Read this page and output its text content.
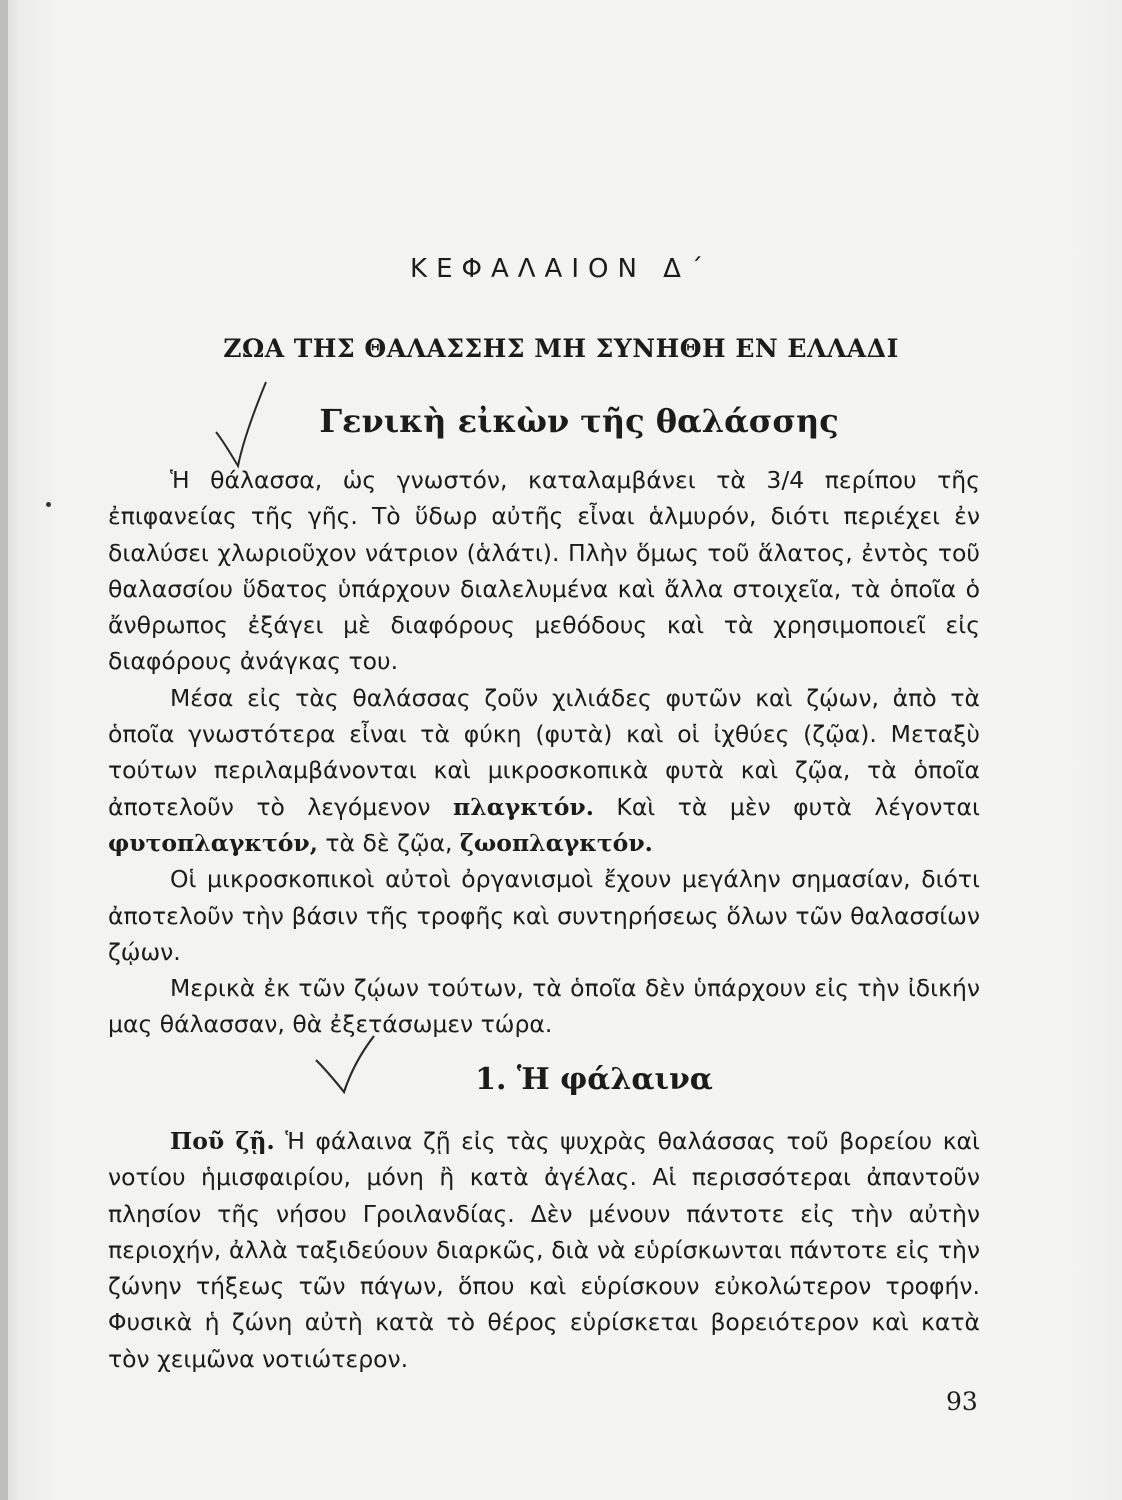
ΚΕΦΑΛΑΙΟΝ Δ΄
ΖΩΑ ΤΗΣ ΘΑΛΑΣΣΗΣ ΜΗ ΣΥΝΗΘΗ ΕΝ ΕΛΛΑΔΙ
Γενικὴ εἰκὼν τῆς θαλάσσης

Ἡ θάλασσα, ὡς γνωστόν, καταλαμβάνει τὰ 3/4 περίπου τῆς ἐπιφανείας τῆς γῆς. Τὸ ὕδωρ αὐτῆς εἶναι ἁλμυρόν, διότι περιέχει ἐν διαλύσει χλωριοῦχον νάτριον (ἁλάτι). Πλὴν ὅμως τοῦ ἅλατος, ἐντὸς τοῦ θαλασσίου ὕδατος ὑπάρχουν διαλελυμένα καὶ ἄλλα στοιχεῖα, τὰ ὁποῖα ὁ ἄνθρωπος ἐξάγει μὲ διαφόρους μεθόδους καὶ τὰ χρησιμοποιεῖ εἰς διαφόρους ἀνάγκας του.

Μέσα εἰς τὰς θαλάσσας ζοῦν χιλιάδες φυτῶν καὶ ζῴων, ἀπὸ τὰ ὁποῖα γνωστότερα εἶναι τὰ φύκη (φυτὰ) καὶ οἱ ἰχθύες (ζῷα). Μεταξὺ τούτων περιλαμβάνονται καὶ μικροσκοπικὰ φυτὰ καὶ ζῷα, τὰ ὁποῖα ἀποτελοῦν τὸ λεγόμενον πλαγκτόν. Καὶ τὰ μὲν φυτὰ λέγονται φυτοπλαγκτόν, τὰ δὲ ζῷα, ζωοπλαγκτόν.

Οἱ μικροσκοπικοὶ αὐτοὶ ὀργανισμοὶ ἔχουν μεγάλην σημασίαν, διότι ἀποτελοῦν τὴν βάσιν τῆς τροφῆς καὶ συντηρήσεως ὅλων τῶν θαλασσίων ζῴων.

Μερικὰ ἐκ τῶν ζῴων τούτων, τὰ ὁποῖα δὲν ὑπάρχουν εἰς τὴν ἰδικήν μας θάλασσαν, θὰ ἐξετάσωμεν τώρα.

1. Ἡ φάλαινα

Ποῦ ζῇ. Ἡ φάλαινα ζῇ εἰς τὰς ψυχρὰς θαλάσσας τοῦ βορείου καὶ νοτίου ἡμισφαιρίου, μόνη ἢ κατὰ ἀγέλας. Αἱ περισσότεραι ἀπαντοῦν πλησίον τῆς νήσου Γροιλανδίας. Δὲν μένουν πάντοτε εἰς τὴν αὐτὴν περιοχήν, ἀλλὰ ταξιδεύουν διαρκῶς, διὰ νὰ εὑρίσκωνται πάντοτε εἰς τὴν ζώνην τήξεως τῶν πάγων, ὅπου καὶ εὑρίσκουν εὐκολώτερον τροφήν. Φυσικὰ ἡ ζώνη αὐτὴ κατὰ τὸ θέρος εὑρίσκεται βορειότερον καὶ κατὰ τὸν χειμῶνα νοτιώτερον.

93
